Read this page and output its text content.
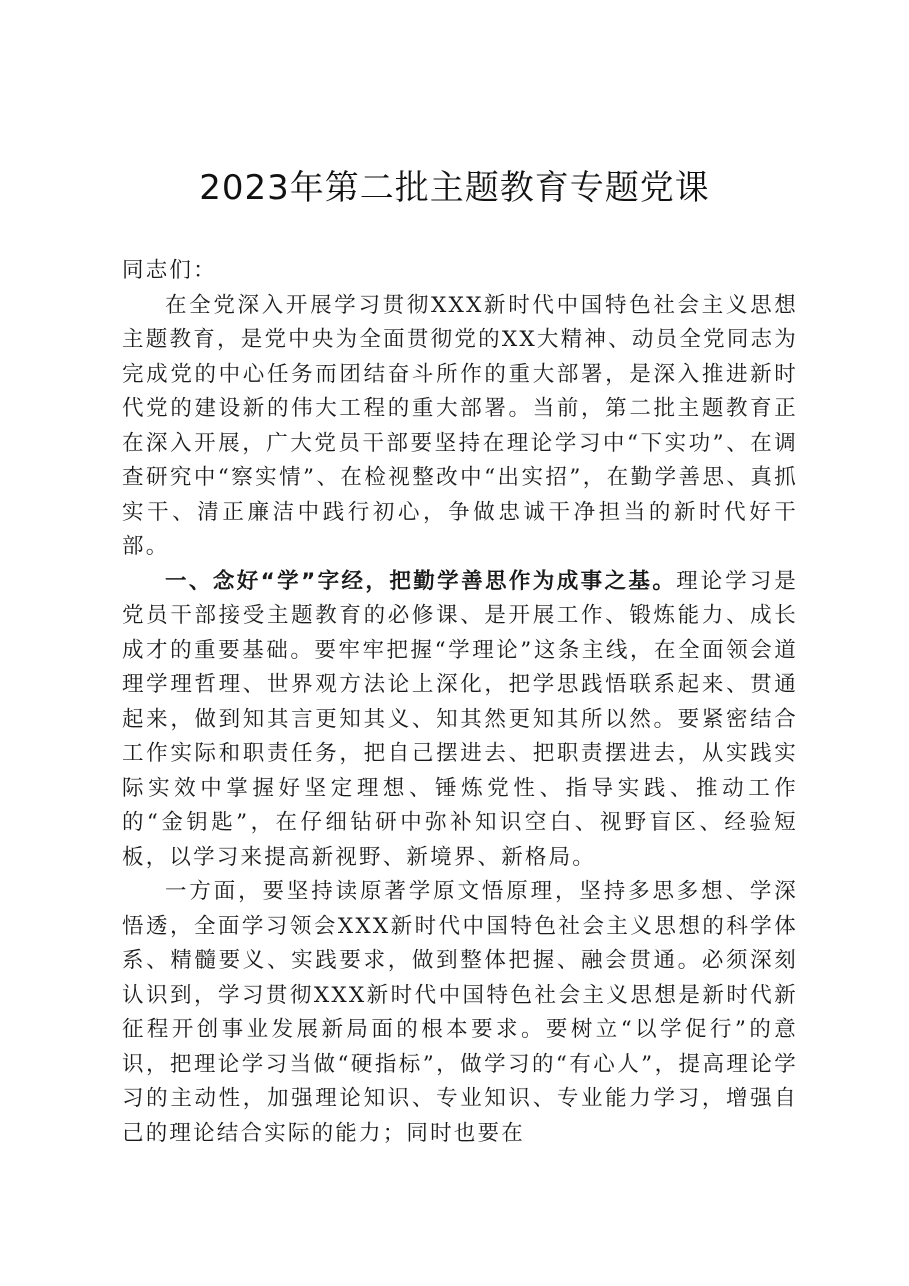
2023年第二批主题教育专题党课

同志们：

在全党深入开展学习贯彻XXX新时代中国特色社会主义思想主题教育，是党中央为全面贯彻党的XX大精神、动员全党同志为完成党的中心任务而团结奋斗所作的重大部署，是深入推进新时代党的建设新的伟大工程的重大部署。当前，第二批主题教育正在深入开展，广大党员干部要坚持在理论学习中“下实功”、在调查研究中“察实情”、在检视整改中“出实招”，在勤学善思、真抓实干、清正廉洁中践行初心，争做忠诚干净担当的新时代好干部。

一、念好“学”字经，把勤学善思作为成事之基。理论学习是党员干部接受主题教育的必修课、是开展工作、锻炼能力、成长成才的重要基础。要牢牢把握“学理论”这条主线，在全面领会道理学理哲理、世界观方法论上深化，把学思践悟联系起来、贯通起来，做到知其言更知其义、知其然更知其所以然。要紧密结合工作实际和职责任务，把自己摆进去、把职责摆进去，从实践实际实效中掌握好坚定理想、锤炼党性、指导实践、推动工作的“金钥匙”，在仔细钻研中弥补知识空白、视野盲区、经验短板，以学习来提高新视野、新境界、新格局。

一方面，要坚持读原著学原文悟原理，坚持多思多想、学深悟透，全面学习领会XXX新时代中国特色社会主义思想的科学体系、精髓要义、实践要求，做到整体把握、融会贯通。必须深刻认识到，学习贯彻XXX新时代中国特色社会主义思想是新时代新征程开创事业发展新局面的根本要求。要树立“以学促行”的意识，把理论学习当做“硬指标”，做学习的“有心人”，提高理论学习的主动性，加强理论知识、专业知识、专业能力学习，增强自己的理论结合实际的能力；同时也要在
